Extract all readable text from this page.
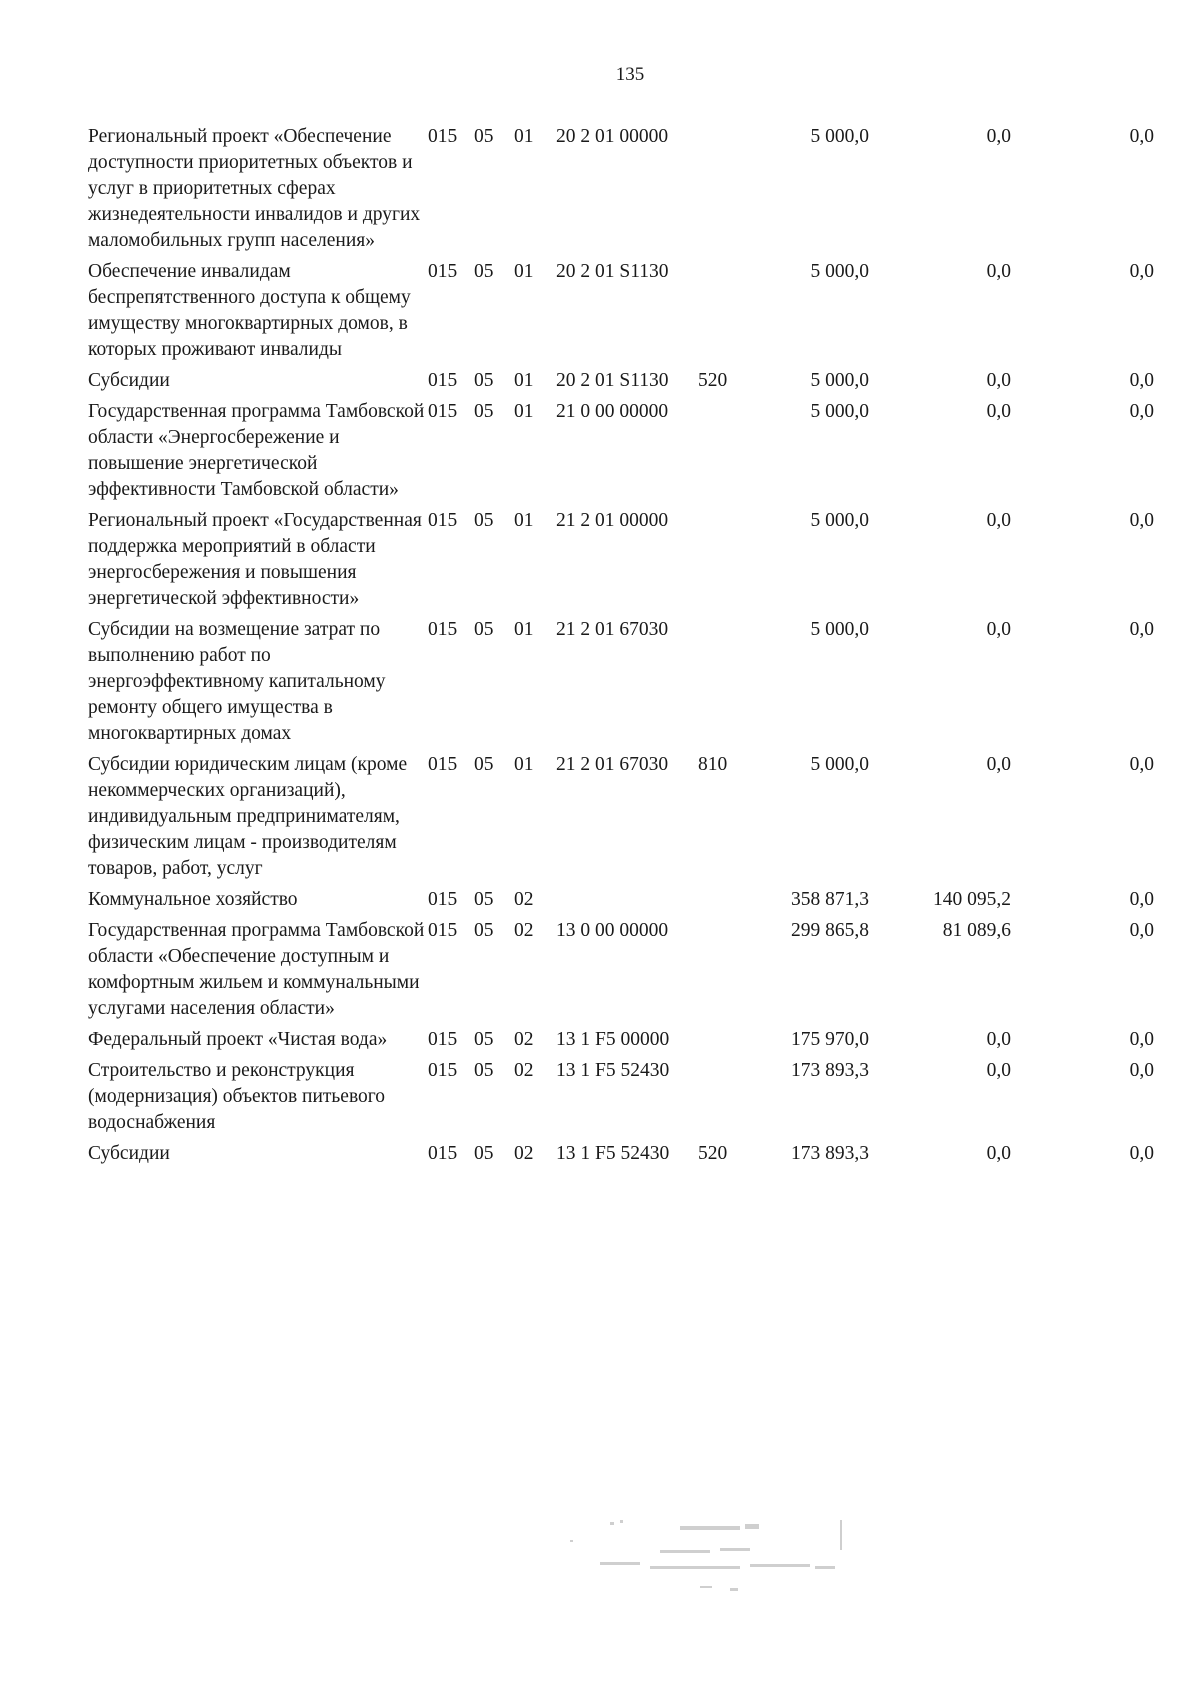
135
Региональный проект «Обеспечение доступности приоритетных объектов и услуг в приоритетных сферах жизнедеятельности инвалидов и других маломобильных групп населения»	015	05	01	20 2 01 00000		5 000,0	0,0	0,0
Обеспечение инвалидам беспрепятственного доступа к общему имуществу многоквартирных домов, в которых проживают инвалиды	015	05	01	20 2 01 S1130		5 000,0	0,0	0,0
Субсидии	015	05	01	20 2 01 S1130	520	5 000,0	0,0	0,0
Государственная программа Тамбовской области «Энергосбережение и повышение энергетической эффективности Тамбовской области»	015	05	01	21 0 00 00000		5 000,0	0,0	0,0
Региональный проект «Государственная поддержка мероприятий в области энергосбережения и повышения энергетической эффективности»	015	05	01	21 2 01 00000		5 000,0	0,0	0,0
Субсидии на возмещение затрат по выполнению работ по энергоэффективному капитальному ремонту общего имущества в многоквартирных домах	015	05	01	21 2 01 67030		5 000,0	0,0	0,0
Субсидии юридическим лицам (кроме некоммерческих организаций), индивидуальным предпринимателям, физическим лицам - производителям товаров, работ, услуг	015	05	01	21 2 01 67030	810	5 000,0	0,0	0,0
Коммунальное хозяйство	015	05	02			358 871,3	140 095,2	0,0
Государственная программа Тамбовской области «Обеспечение доступным и комфортным жильем и коммунальными услугами населения области»	015	05	02	13 0 00 00000		299 865,8	81 089,6	0,0
Федеральный проект «Чистая вода»	015	05	02	13 1 F5 00000		175 970,0	0,0	0,0
Строительство и реконструкция (модернизация) объектов питьевого водоснабжения	015	05	02	13 1 F5 52430		173 893,3	0,0	0,0
Субсидии	015	05	02	13 1 F5 52430	520	173 893,3	0,0	0,0
